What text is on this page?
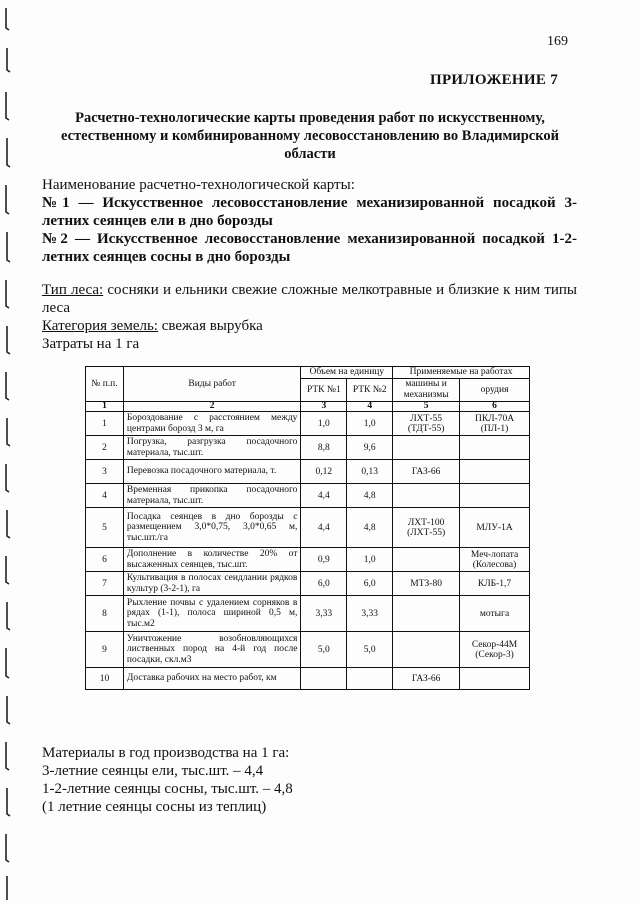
169
ПРИЛОЖЕНИЕ 7
Расчетно-технологические карты проведения работ по искусственному, естественному и комбинированному лесовосстановлению во Владимирской области
Наименование расчетно-технологической карты:
№1 — Искусственное лесовосстановление механизированной посадкой 3-летних сеянцев ели в дно борозды
№2 — Искусственное лесовосстановление механизированной посадкой 1-2-летних сеянцев сосны в дно борозды
Тип леса: сосняки и ельники свежие сложные мелкотравные и близкие к ним типы леса
Категория земель: свежая вырубка
Затраты на 1 га
№ п.п.	Виды работ	Объем на единицу		Применяемые на работах	
		РТК №1	РТК №2	машины и механизмы	орудия
1	2	3	4	5	6
1	Бороздование с расстоянием между центрами борозд 3 м, га	1,0	1,0	ЛХТ-55 (ТДТ-55)	ПКЛ-70А (ПЛ-1)
2	Погрузка, разгрузка посадочного материала, тыс.шт.	8,8	9,6		
3	Перевозка посадочного материала, т.	0,12	0,13	ГАЗ-66	
4	Временная прикопка посадочного материала, тыс.шт.	4,4	4,8		
5	Посадка сеянцев в дно борозды с размещением 3,0*0,75, 3,0*0,65 м, тыс.шт./га	4,4	4,8	ЛХТ-100 (ЛХТ-55)	МЛУ-1А
6	Дополнение в количестве 20% от высаженных сеянцев, тыс.шт.	0,9	1,0		Меч-лопата (Колесова)
7	Культивация в полосах сеидлании рядков культур (3-2-1), га	6,0	6,0	МТЗ-80	КЛБ-1,7
8	Рыхление почвы с удалением сорняков в рядах (1-1), полоса шириной 0,5 м, тыс.м2	3,33	3,33		мотыга
9	Уничтожение возобновляющихся лиственных пород на 4-й год после посадки, скл.м3	5,0	5,0		Секор-44М (Секор-3)
10	Доставка рабочих на место работ, км			ГАЗ-66	
Материалы в год производства на 1 га:
3-летние сеянцы ели, тыс.шт. – 4,4
1-2-летние сеянцы сосны, тыс.шт. – 4,8
(1 летние сеянцы сосны из теплиц)
